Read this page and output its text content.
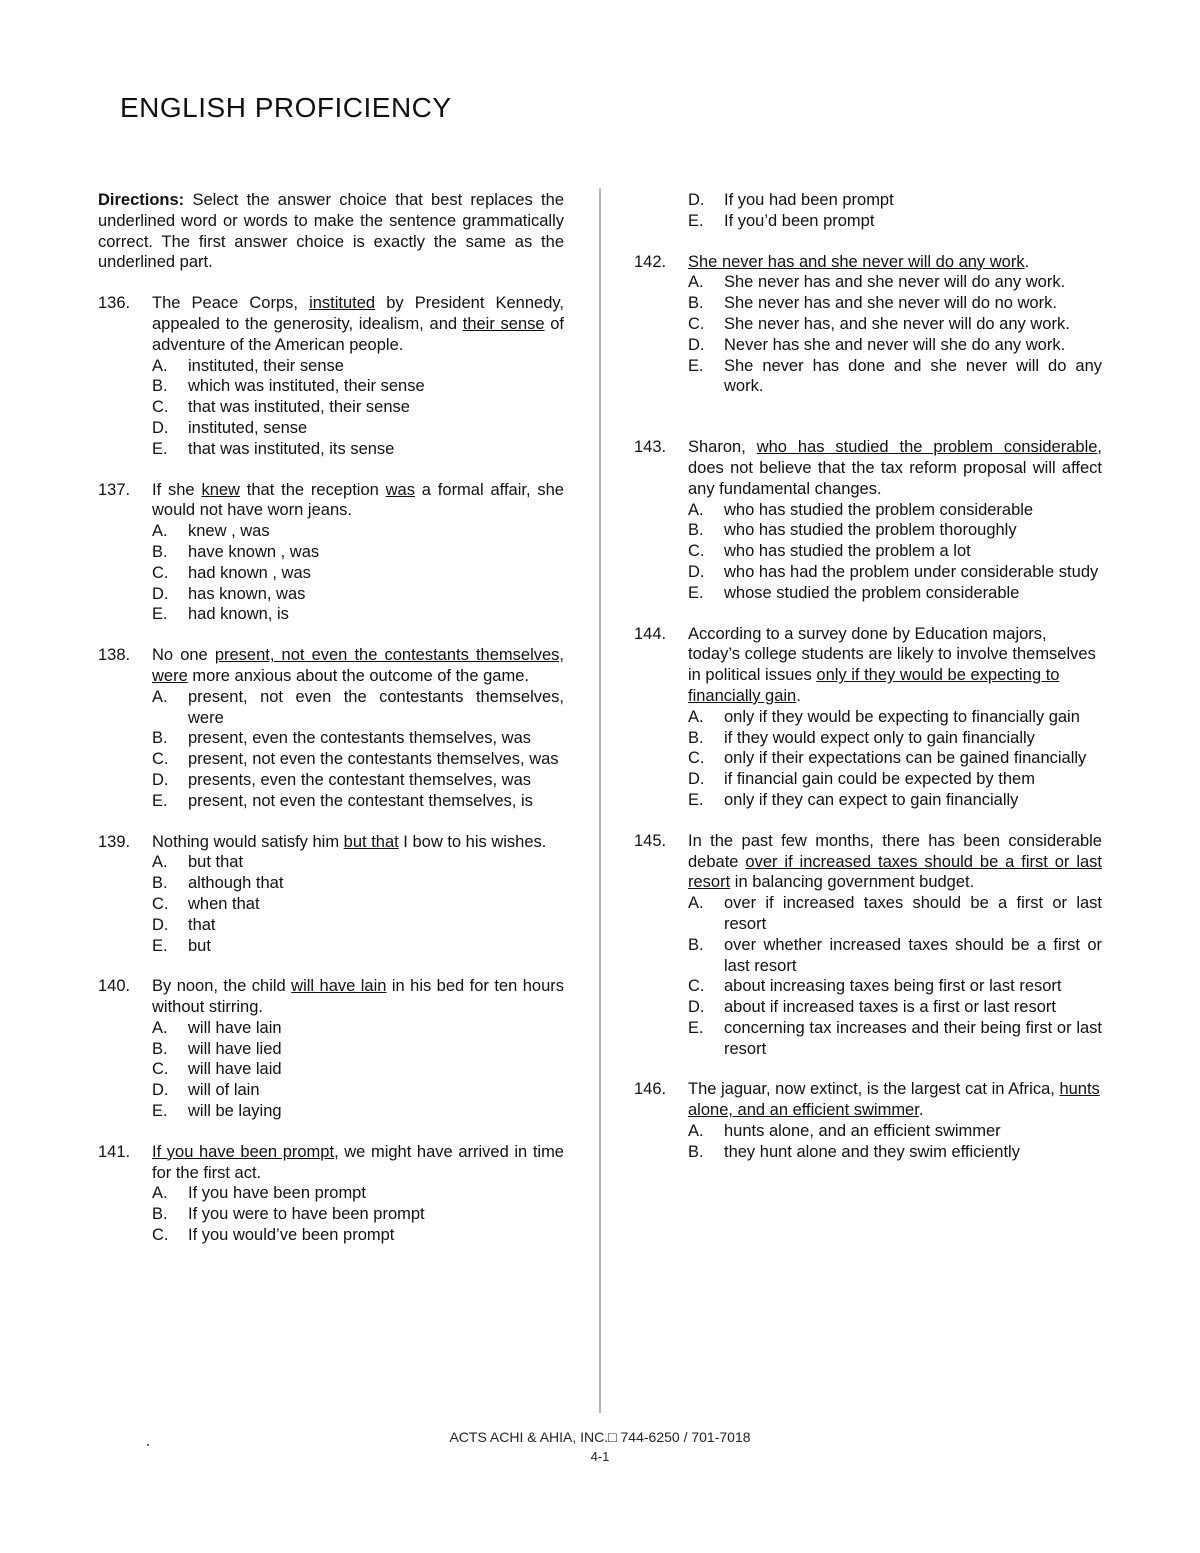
ENGLISH PROFICIENCY
Directions: Select the answer choice that best replaces the underlined word or words to make the sentence grammatically correct. The first answer choice is exactly the same as the underlined part.
136.	The Peace Corps, instituted by President Kennedy, appealed to the generosity, idealism, and their sense of adventure of the American people.
A.	instituted, their sense
B.	which was instituted, their sense
C.	that was instituted, their sense
D.	instituted, sense
E.	that was instituted, its sense
137.	If she knew that the reception was a formal affair, she would not have worn jeans.
A.	knew , was
B.	have known , was
C.	had known , was
D.	has known, was
E.	had known, is
138.	No one present, not even the contestants themselves, were more anxious about the outcome of the game.
A.	present, not even the contestants themselves, were
B.	present, even the contestants themselves, was
C.	present, not even the contestants themselves, was
D.	presents, even the contestant themselves, was
E.	present, not even the contestant themselves, is
139.	Nothing would satisfy him but that I bow to his wishes.
A.	but that
B.	although that
C.	when that
D.	that
E.	but
140.	By noon, the child will have lain in his bed for ten hours without stirring.
A.	will have lain
B.	will have lied
C.	will have laid
D.	will of lain
E.	will be laying
141.	If you have been prompt, we might have arrived in time for the first act.
A.	If you have been prompt
B.	If you were to have been prompt
C.	If you would’ve been prompt
D.	If you had been prompt
E.	If you’d been prompt
142.	She never has and she never will do any work.
A.	She never has and she never will do any work.
B.	She never has and she never will do no work.
C.	She never has, and she never will do any work.
D.	Never has she and never will she do any work.
E.	She never has done and she never will do any work.
143.	Sharon, who has studied the problem considerable, does not believe that the tax reform proposal will affect any fundamental changes.
A.	who has studied the problem considerable
B.	who has studied the problem thoroughly
C.	who has studied the problem a lot
D.	who has had the problem under considerable study
E.	whose studied the problem considerable
144.	According to a survey done by Education majors, today’s college students are likely to involve themselves in political issues only if they would be expecting to financially gain.
A.	only if they would be expecting to financially gain
B.	if they would expect only to gain financially
C.	only if their expectations can be gained financially
D.	if financial gain could be expected by them
E.	only if they can expect to gain financially
145.	In the past few months, there has been considerable debate over if increased taxes should be a first or last resort in balancing government budget.
A.	over if increased taxes should be a first or last resort
B.	over whether increased taxes should be a first or last resort
C.	about increasing taxes being first or last resort
D.	about if increased taxes is a first or last resort
E.	concerning tax increases and their being first or last resort
146.	The jaguar, now extinct, is the largest cat in Africa, hunts alone, and an efficient swimmer.
A.	hunts alone, and an efficient swimmer
B.	they hunt alone and they swim efficiently
ACTS ACHI & AHIA, INC.□ 744-6250 / 701-7018
4-1
